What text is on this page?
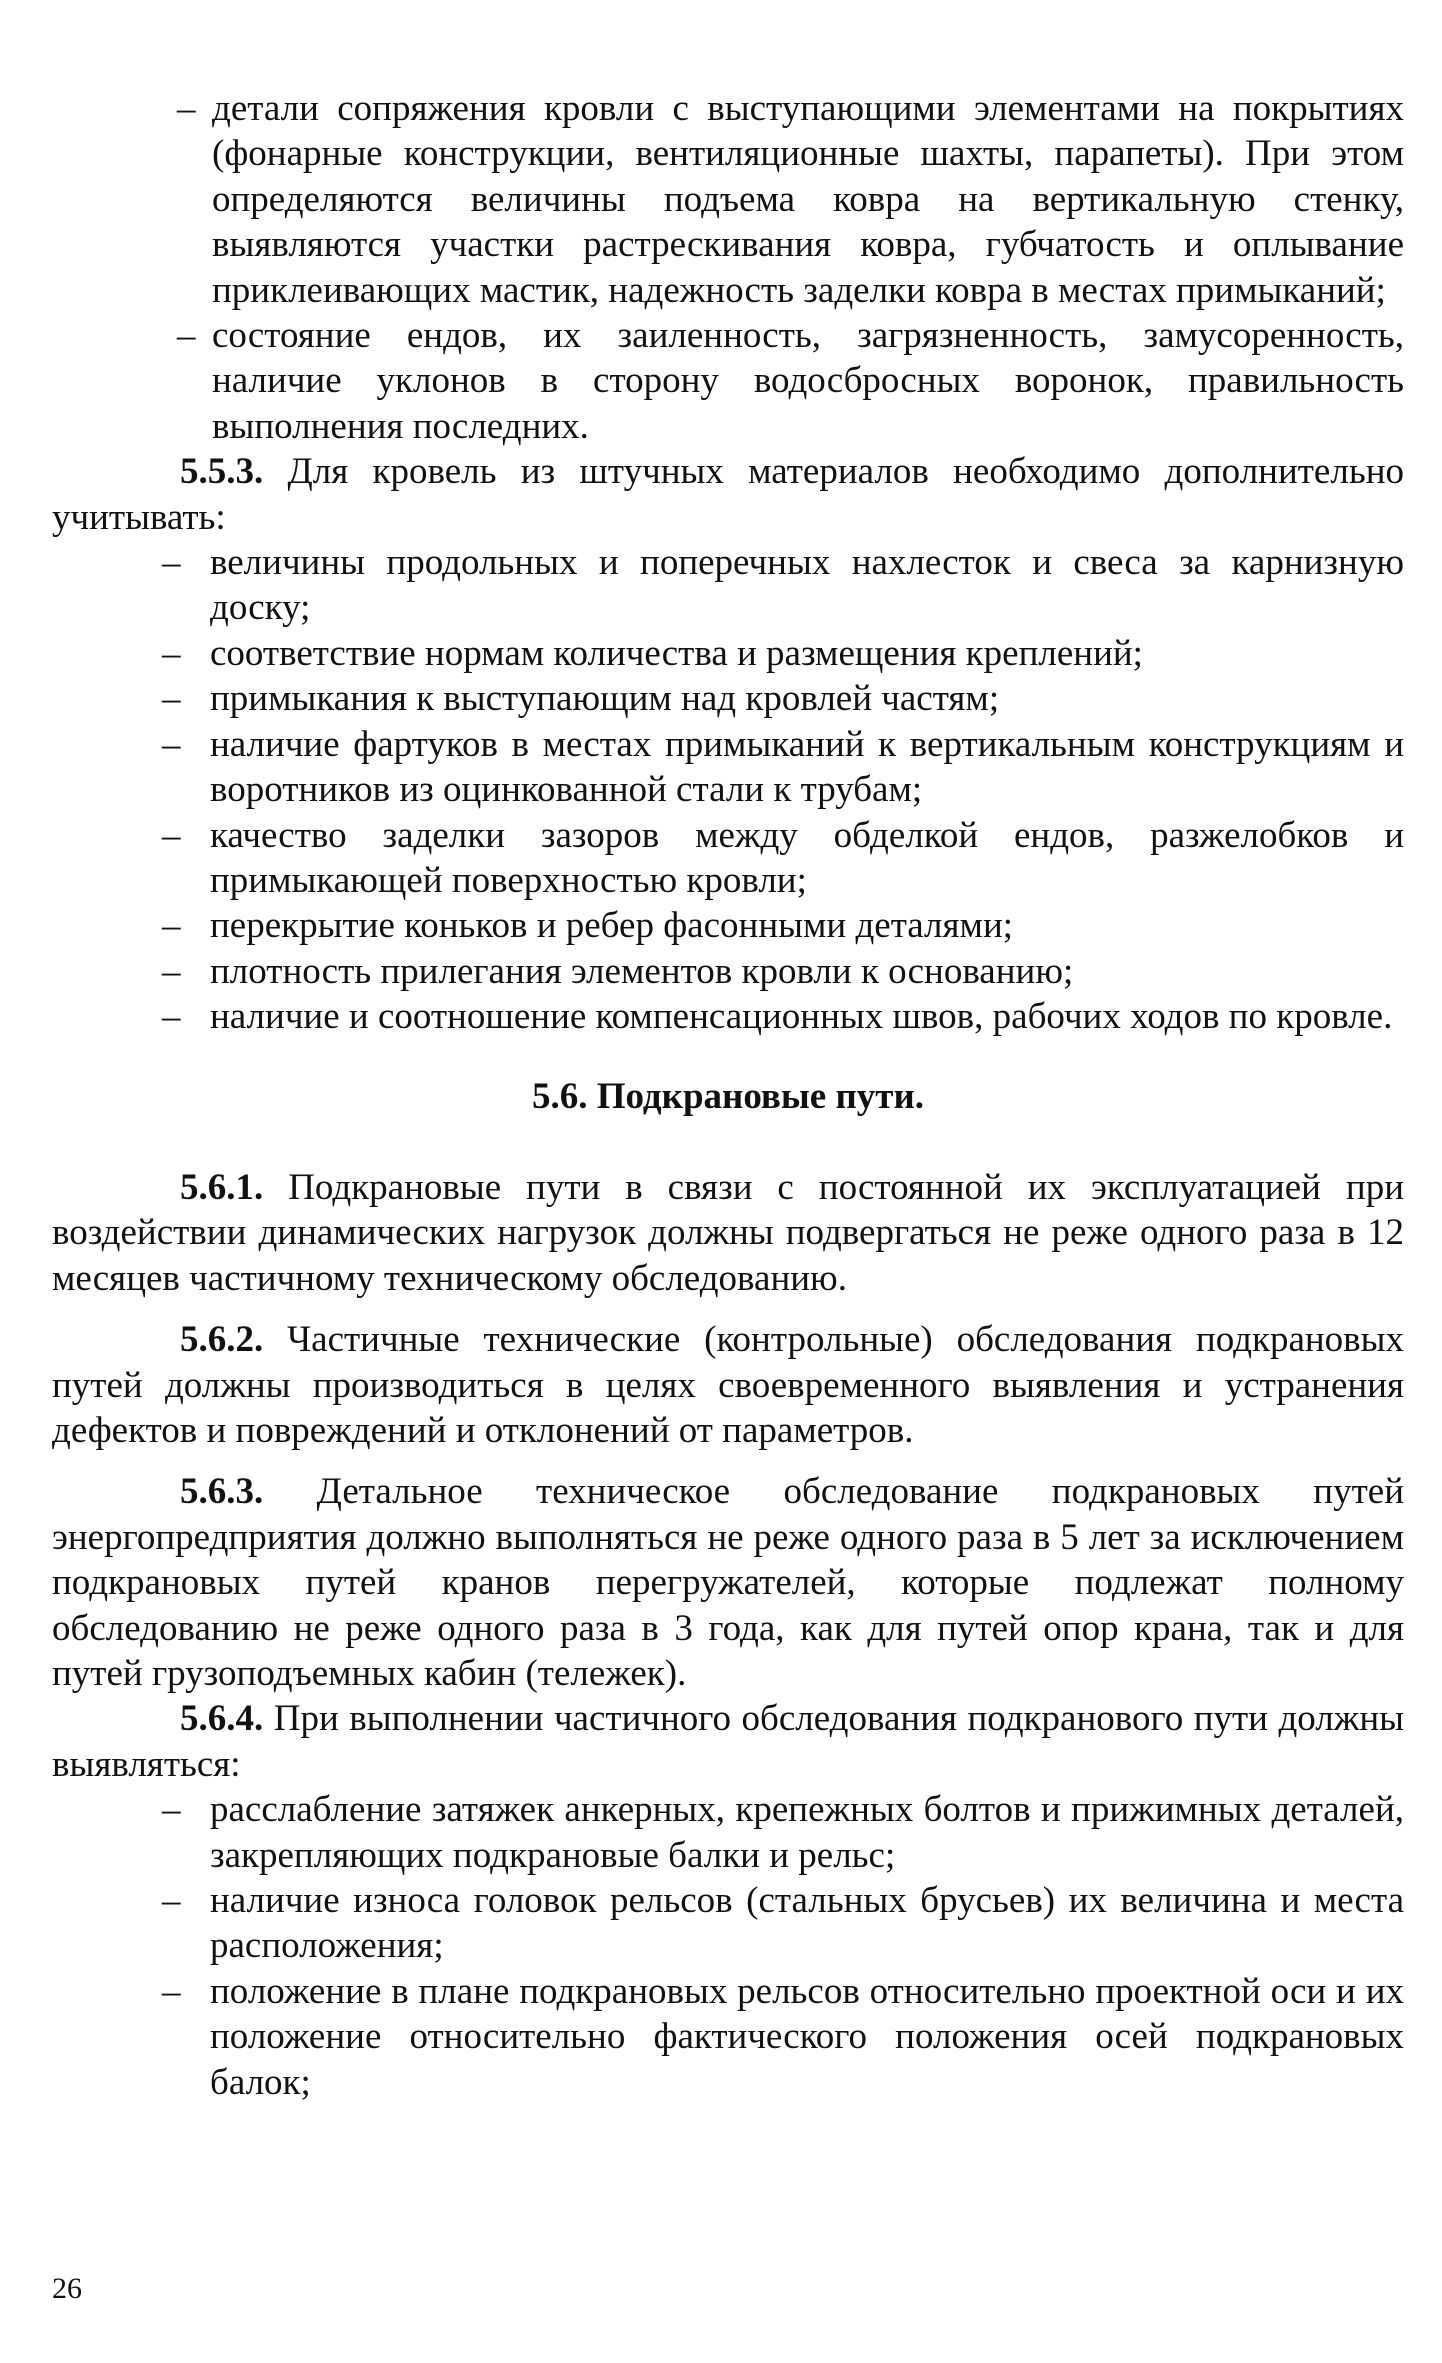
– детали сопряжения кровли с выступающими элементами на покрытиях (фонарные конструкции, вентиляционные шахты, парапеты). При этом определяются величины подъема ковра на вертикальную стенку, выявляются участки растрескивания ковра, губчатость и оплывание приклеивающих мастик, надежность заделки ковра в местах примыканий;
– состояние ендов, их заиленность, загрязненность, замусоренность, наличие уклонов в сторону водосбросных воронок, правильность выполнения последних.

5.5.3. Для кровель из штучных материалов необходимо дополнительно учитывать:

– величины продольных и поперечных нахлесток и свеса за карнизную доску;
– соответствие нормам количества и размещения креплений;
– примыкания к выступающим над кровлей частям;
– наличие фартуков в местах примыканий к вертикальным конструкциям и воротников из оцинкованной стали к трубам;
– качество заделки зазоров между обделкой ендов, разжелобков и примыкающей поверхностью кровли;
– перекрытие коньков и ребер фасонными деталями;
– плотность прилегания элементов кровли к основанию;
– наличие и соотношение компенсационных швов, рабочих ходов по кровле.
5.6. Подкрановые пути.

5.6.1. Подкрановые пути в связи с постоянной их эксплуатацией при воздействии динамических нагрузок должны подвергаться не реже одного раза в 12 месяцев частичному техническому обследованию.

5.6.2. Частичные технические (контрольные) обследования подкрановых путей должны производиться в целях своевременного выявления и устранения дефектов и повреждений и отклонений от параметров.

5.6.3. Детальное техническое обследование подкрановых путей энергопредприятия должно выполняться не реже одного раза в 5 лет за исключением подкрановых путей кранов перегружателей, которые подлежат полному обследованию не реже одного раза в 3 года, как для путей опор крана, так и для путей грузоподъемных кабин (тележек).

5.6.4. При выполнении частичного обследования подкранового пути должны выявляться:

– расслабление затяжек анкерных, крепежных болтов и прижимных деталей, закрепляющих подкрановые балки и рельс;
– наличие износа головок рельсов (стальных брусьев) их величина и места расположения;
– положение в плане подкрановых рельсов относительно проектной оси и их положение относительно фактического положения осей подкрановых балок;
26
